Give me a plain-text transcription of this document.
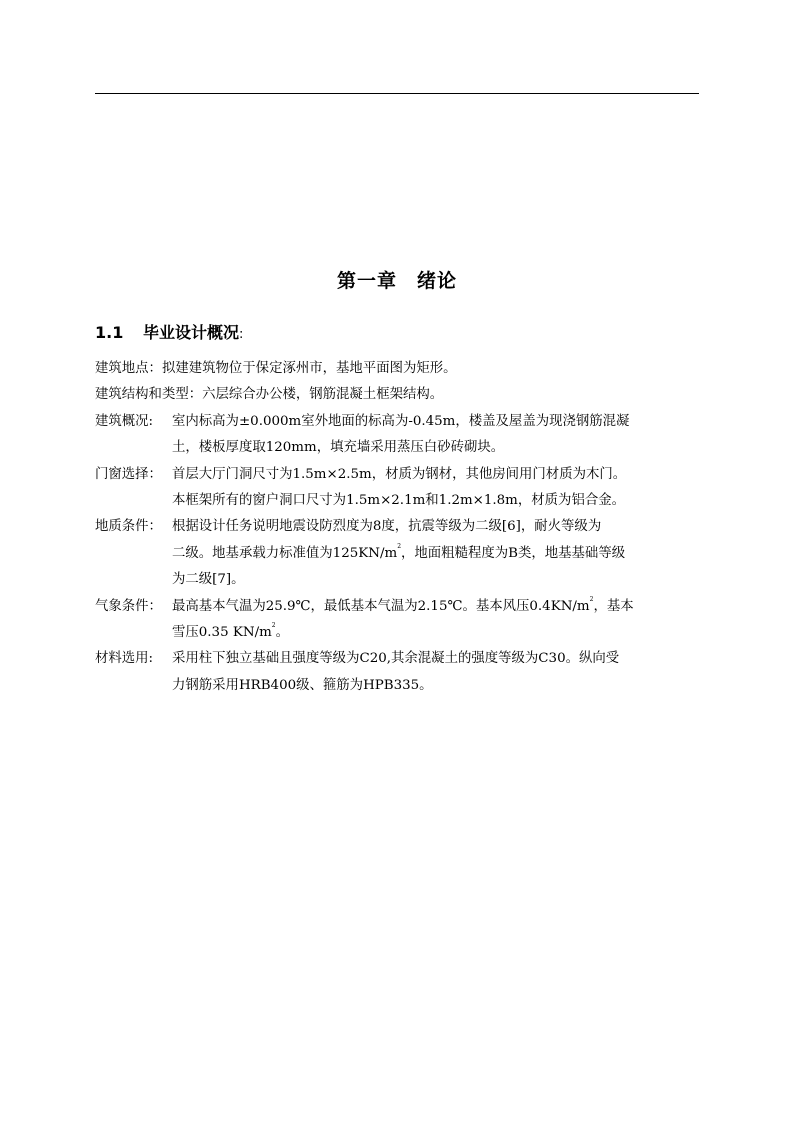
第一章 绪论
1.1 毕业设计概况:
建筑地点：拟建建筑物位于保定涿州市，基地平面图为矩形。
建筑结构和类型：六层综合办公楼，钢筋混凝土框架结构。
建筑概况:	室内标高为±0.000m室外地面的标高为-0.45m，楼盖及屋盖为现浇钢筋混凝
土，楼板厚度取120mm，填充墙采用蒸压白砂砖砌块。
门窗选择： 首层大厅门洞尺寸为1.5m×2.5m，材质为钢材，其他房间用门材质为木门。
本框架所有的窗户洞口尺寸为1.5m×2.1m和1.2m×1.8m，材质为铝合金。
地质条件： 根据设计任务说明地震设防烈度为8度，抗震等级为二级[6]，耐火等级为
二级。地基承载力标准值为$125KN/m^2$，地面粗糙程度为B类，地基基础等级
为二级[7]。
气象条件： 最高基本气温为25.9℃，最低基本气温为2.15℃。基本风压$0.4KN/m^2$，基本
雪压0.35 $KN/m^2$。
材料选用:	采用柱下独立基础且强度等级为C20,其余混凝土的强度等级为C30。纵向受
力钢筋采用HRB400级、箍筋为HPB335。
